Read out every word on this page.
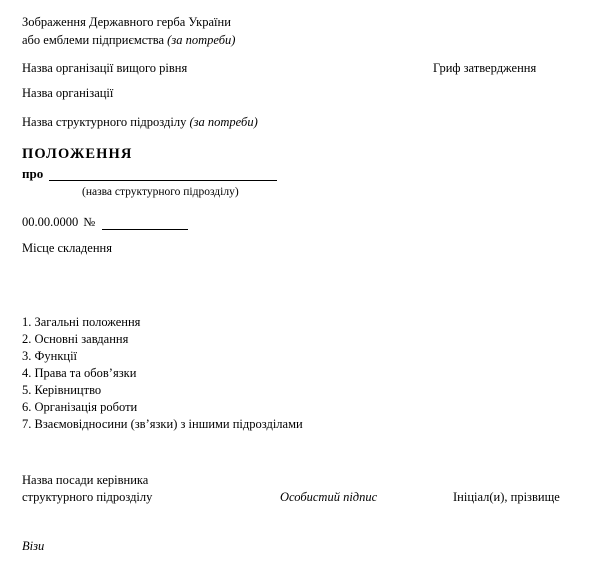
Зображення Державного герба України
або емблеми підприємства (за потреби)
Назва організації вищого рівня	Гриф затвердження
Назва організації
Назва структурного підрозділу (за потреби)
ПОЛОЖЕННЯ
про
(назва структурного підрозділу)
00.00.0000 №
Місце складення
1. Загальні положення
2. Основні завдання
3. Функції
4. Права та обов’язки
5. Керівництво
6. Організація роботи
7. Взаємовідносини (зв’язки) з іншими підрозділами
Назва посади керівника
структурного підрозділу	Особистий підпис	Ініціал(и), прізвище
Візи
